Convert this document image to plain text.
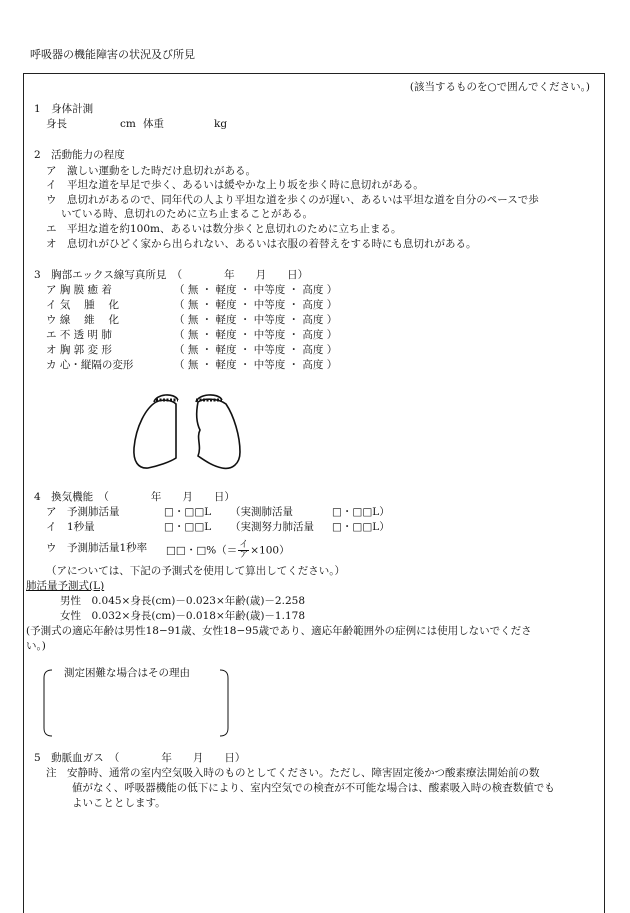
呼吸器の機能障害の状況及び所見
(該当するものを○で囲んでください。)
1　身体計測
身長	cm 体重	kg
2　活動能力の程度
ア　激しい運動をした時だけ息切れがある。
イ　平坦な道を早足で歩く、あるいは緩やかな上り坂を歩く時に息切れがある。
ウ　息切れがあるので、同年代の人より平坦な道を歩くのが遅い、あるいは平坦な道を自分のペースで歩
いている時、息切れのために立ち止まることがある。
エ　平坦な道を約100m、あるいは数分歩くと息切れのために立ち止まる。
オ　息切れがひどく家から出られない、あるいは衣服の着替えをする時にも息切れがある。
3　胸部エックス線写真所見　（　　　　年　　月　　日）
ア 胸 膜 癒 着	（ 無 ・ 軽度 ・ 中等度 ・ 高度 ）
イ 気　 腫　 化	（ 無 ・ 軽度 ・ 中等度 ・ 高度 ）
ウ 線　 維　 化	（ 無 ・ 軽度 ・ 中等度 ・ 高度 ）
エ 不 透 明 肺	（ 無 ・ 軽度 ・ 中等度 ・ 高度 ）
オ 胸 郭 変 形	（ 無 ・ 軽度 ・ 中等度 ・ 高度 ）
カ 心・縦隔の変形	（ 無 ・ 軽度 ・ 中等度 ・ 高度 ）
4　換気機能　（　　　　年　　月　　日）
ア　予測肺活量	□・□□L （実測肺活量	□・□□L）
イ　1秒量	□・□□L （実測努力肺活量 □・□□L）
ウ　予測肺活量1秒率 □□・□%（＝ $\frac{\text{イ}}{\text{ア}} \times 100$）
（アについては、下記の予測式を使用して算出してください。）
肺活量予測式(L)
男性　0.045×身長(cm)－0.023×年齢(歳)－2.258
女性　0.032×身長(cm)－0.018×年齢(歳)－1.178
(予測式の適応年齢は男性18−91歳、女性18−95歳であり、適応年齢範囲外の症例には使用しないでくださ
い。)
測定困難な場合はその理由
5　動脈血ガス　（　　　　年　　月　　日）
注　安静時、通常の室内空気吸入時のものとしてください。ただし、障害固定後かつ酸素療法開始前の数
値がなく、呼吸器機能の低下により、室内空気での検査が不可能な場合は、酸素吸入時の検査数値でも
よいこととします。
